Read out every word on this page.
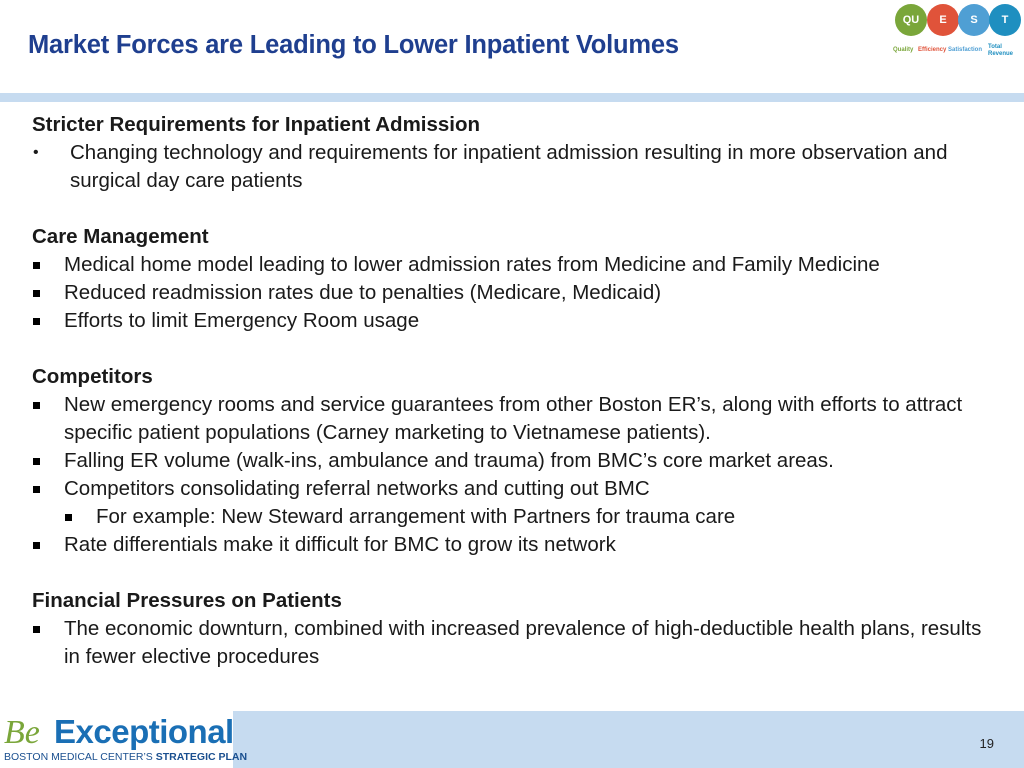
Market Forces are Leading to Lower Inpatient Volumes
QU	E	S	T
Quality Efficiency Satisfaction Total Revenue
Stricter Requirements for Inpatient Admission
•	Changing technology and requirements for inpatient admission resulting in more observation and surgical day care patients
Care Management
Medical home model leading to lower admission rates from Medicine and Family Medicine
Reduced readmission rates due to penalties (Medicare, Medicaid)
Efforts to limit Emergency Room usage
Competitors
New emergency rooms and service guarantees from other Boston ER’s, along with efforts to attract specific patient populations (Carney marketing to Vietnamese patients).
Falling ER volume (walk-ins, ambulance and trauma) from BMC’s core market areas.
Competitors consolidating referral networks and cutting out BMC
For example: New Steward arrangement with Partners for trauma care
Rate differentials make it difficult for BMC to grow its network
Financial Pressures on Patients
The economic downturn, combined with increased prevalence of high-deductible health plans, results in fewer elective procedures
Be Exceptional
BOSTON MEDICAL CENTER’S STRATEGIC PLAN
19
